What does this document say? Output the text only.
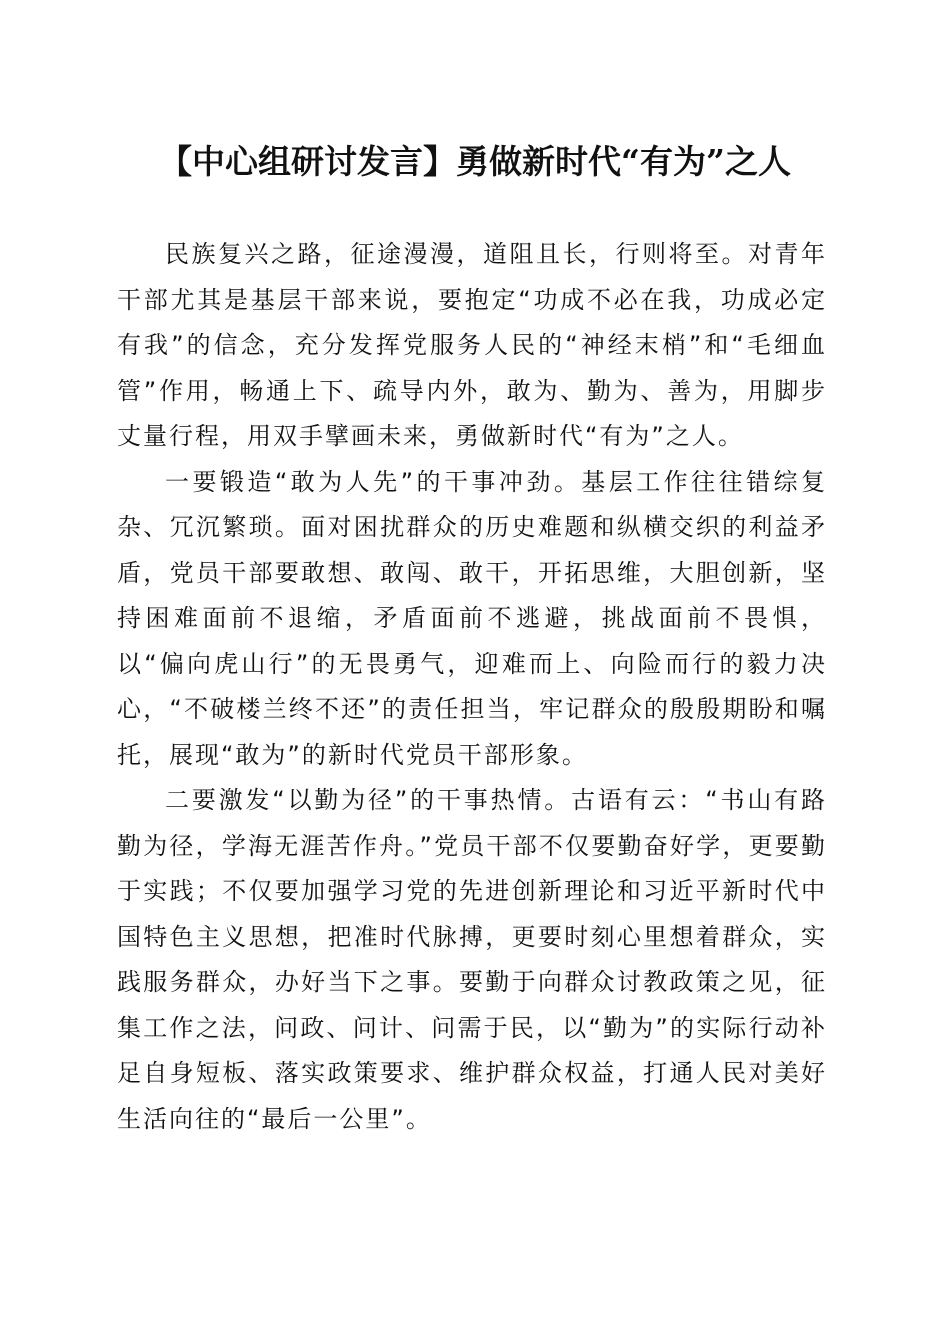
【中心组研讨发言】勇做新时代“有为”之人

民族复兴之路，征途漫漫，道阻且长，行则将至。对青年干部尤其是基层干部来说，要抱定“功成不必在我，功成必定有我”的信念，充分发挥党服务人民的“神经末梢”和“毛细血管”作用，畅通上下、疏导内外，敢为、勤为、善为，用脚步丈量行程，用双手擘画未来，勇做新时代“有为”之人。

一要锻造“敢为人先”的干事冲劲。基层工作往往错综复杂、冗沉繁琐。面对困扰群众的历史难题和纵横交织的利益矛盾，党员干部要敢想、敢闯、敢干，开拓思维，大胆创新，坚持困难面前不退缩，矛盾面前不逃避，挑战面前不畏惧，以“偏向虎山行”的无畏勇气，迎难而上、向险而行的毅力决心，“不破楼兰终不还”的责任担当，牢记群众的殷殷期盼和嘱托，展现“敢为”的新时代党员干部形象。

二要激发“以勤为径”的干事热情。古语有云：“书山有路勤为径，学海无涯苦作舟。”党员干部不仅要勤奋好学，更要勤于实践；不仅要加强学习党的先进创新理论和习近平新时代中国特色主义思想，把准时代脉搏，更要时刻心里想着群众，实践服务群众，办好当下之事。要勤于向群众讨教政策之见，征集工作之法，问政、问计、问需于民，以“勤为”的实际行动补足自身短板、落实政策要求、维护群众权益，打通人民对美好生活向往的“最后一公里”。
